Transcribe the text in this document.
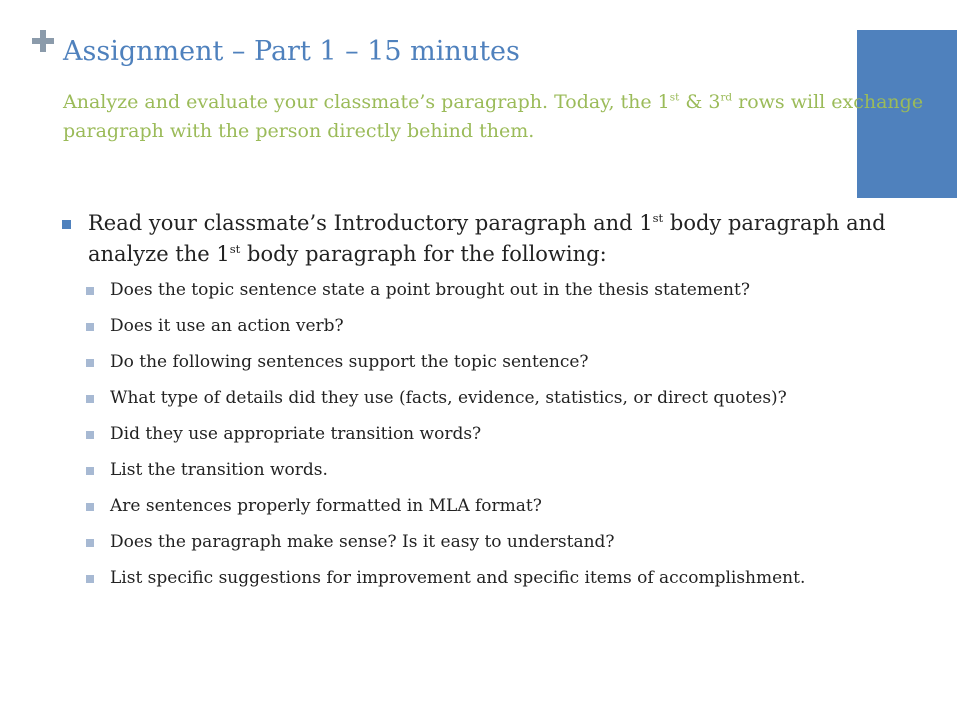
Assignment – Part 1 – 15 minutes
Analyze and evaluate your classmate’s paragraph. Today, the 1st & 3rd rows will exchange paragraph with the person directly behind them.
Read your classmate’s Introductory paragraph and 1st body paragraph and analyze the 1st body paragraph for the following:
Does the topic sentence state a point brought out in the thesis statement?
Does it use an action verb?
Do the following sentences support the topic sentence?
What type of details did they use (facts, evidence, statistics, or direct quotes)?
Did they use appropriate transition words?
List the transition words.
Are sentences properly formatted in MLA format?
Does the paragraph make sense? Is it easy to understand?
List specific suggestions for improvement and specific items of accomplishment.
